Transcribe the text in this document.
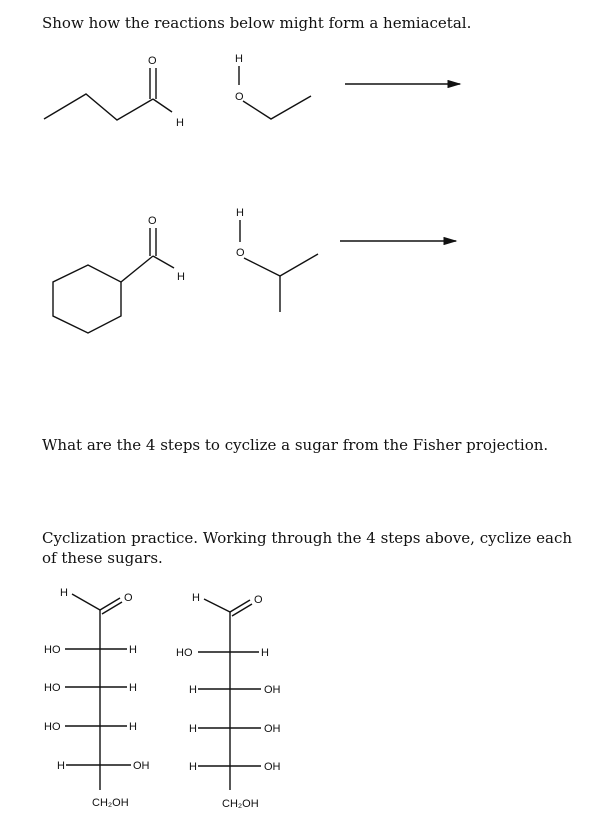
Show how the reactions below might form a hemiacetal.

What are the 4 steps to cyclize a sugar from the Fisher projection.

Cyclization practice. Working through the 4 steps above, cyclize each of these sugars.

O
H
H
O
O
H
H
O
H	O
HO	H
HO	H
HO	H
H	OH
CH₂OH
H	O
HO	H
H	OH
H	OH
H	OH
CH₂OH
